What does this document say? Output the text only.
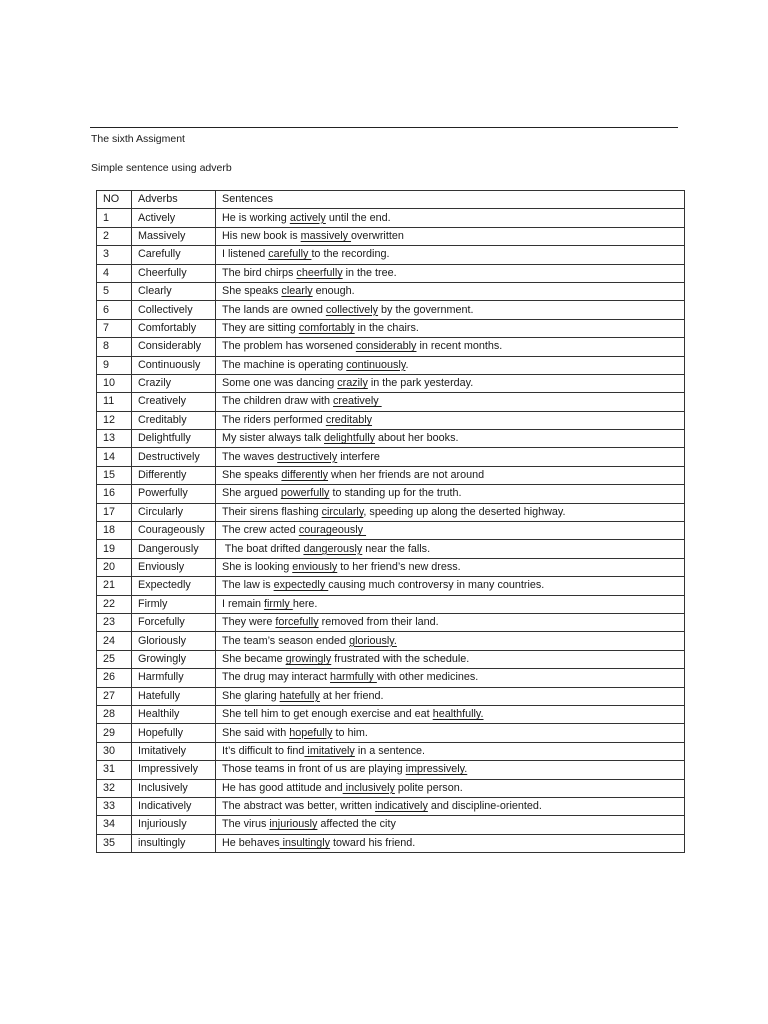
The sixth Assigment
Simple sentence using adverb
NO	Adverbs	Sentences
1	Actively	He is working actively until the end.
2	Massively	His new book is massively overwritten
3	Carefully	I listened carefully to the recording.
4	Cheerfully	The bird chirps cheerfully in the tree.
5	Clearly	She speaks clearly enough.
6	Collectively	The lands are owned collectively by the government.
7	Comfortably	They are sitting comfortably in the chairs.
8	Considerably	The problem has worsened considerably in recent months.
9	Continuously	The machine is operating continuously.
10	Crazily	Some one was dancing crazily in the park yesterday.
11	Creatively	The children draw with creatively
12	Creditably	The riders performed creditably
13	Delightfully	My sister always talk delightfully about her books.
14	Destructively	The waves destructively interfere
15	Differently	She speaks differently when her friends are not around
16	Powerfully	She argued powerfully to standing up for the truth.
17	Circularly	Their sirens flashing circularly, speeding up along the deserted highway.
18	Courageously	The crew acted courageously
19	Dangerously	The boat drifted dangerously near the falls.
20	Enviously	She is looking enviously to her friend’s new dress.
21	Expectedly	The law is expectedly causing much controversy in many countries.
22	Firmly	I remain firmly here.
23	Forcefully	They were forcefully removed from their land.
24	Gloriously	The team’s season ended gloriously.
25	Growingly	She became growingly frustrated with the schedule.
26	Harmfully	The drug may interact harmfully with other medicines.
27	Hatefully	She glaring hatefully at her friend.
28	Healthily	She tell him to get enough exercise and eat healthfully.
29	Hopefully	She said with hopefully to him.
30	Imitatively	It’s difficult to find imitatively in a sentence.
31	Impressively	Those teams in front of us are playing impressively.
32	Inclusively	He has good attitude and inclusively polite person.
33	Indicatively	The abstract was better, written indicatively and discipline-oriented.
34	Injuriously	The virus injuriously affected the city
35	insultingly	He behaves insultingly toward his friend.
